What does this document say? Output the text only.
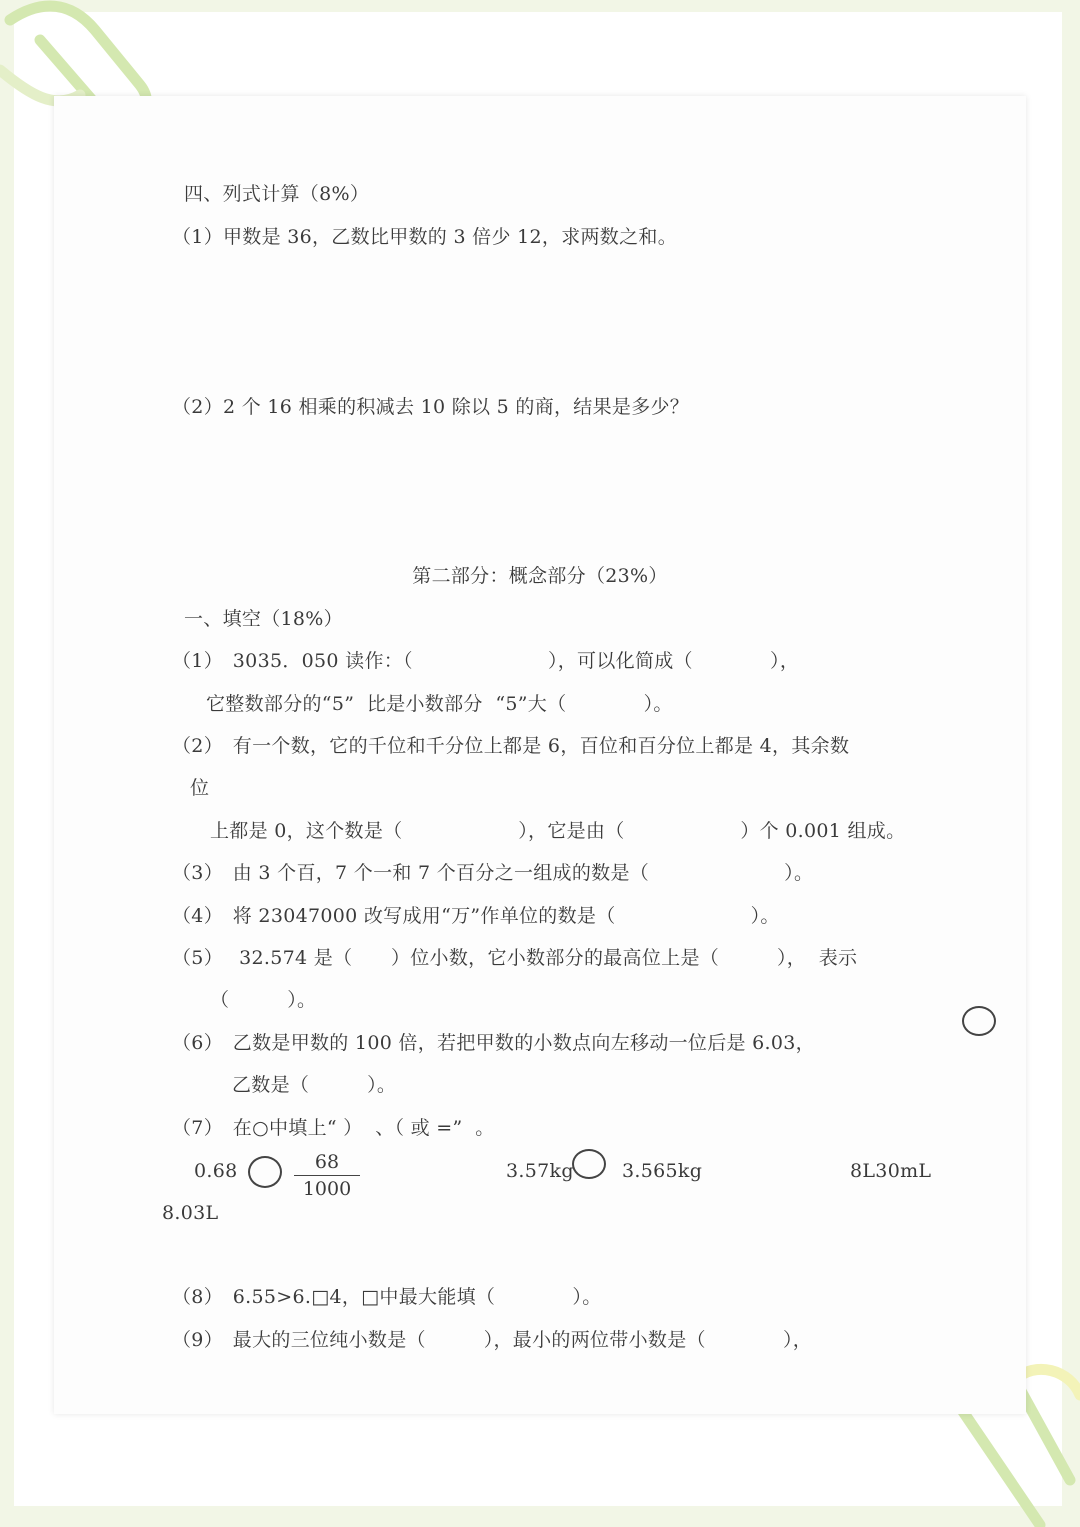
四、列式计算（8%）
（1）甲数是 36，乙数比甲数的 3 倍少 12，求两数之和。
（2）2 个 16 相乘的积减去 10 除以 5 的商，结果是多少？
第二部分：概念部分（23%）
一、填空（18%）
（1）　3035．050 读作：（　　　　　　　），可以化简成（　　　　），
它整数部分的“5”  比是小数部分  “5”大（　　　　）。
（2）　有一个数，它的千位和千分位上都是 6，百位和百分位上都是 4，其余数
位
上都是 0，这个数是（　　　　　　），它是由（　　　　　　）个 0.001 组成。
（3）　由 3 个百，7 个一和 7 个百分之一组成的数是（　　　　　　　）。
（4）　将 23047000 改写成用“万”作单位的数是（　　　　　　　）。
（5）　 32.574 是（　　）位小数，它小数部分的最高位上是（　　　），  表示
（　　　）。
（6）　乙数是甲数的 100 倍，若把甲数的小数点向左移动一位后是 6.03，
乙数是（　　　）。
（7）　在○中填上“ ）  、（ 或 =”  。
0.68	68
1000
3.57kg	3.565kg	8L30mL
8.03L
（8）　6.55>6.□4，□中最大能填（　　　　）。
（9）　最大的三位纯小数是（　　　），最小的两位带小数是（　　　　），
